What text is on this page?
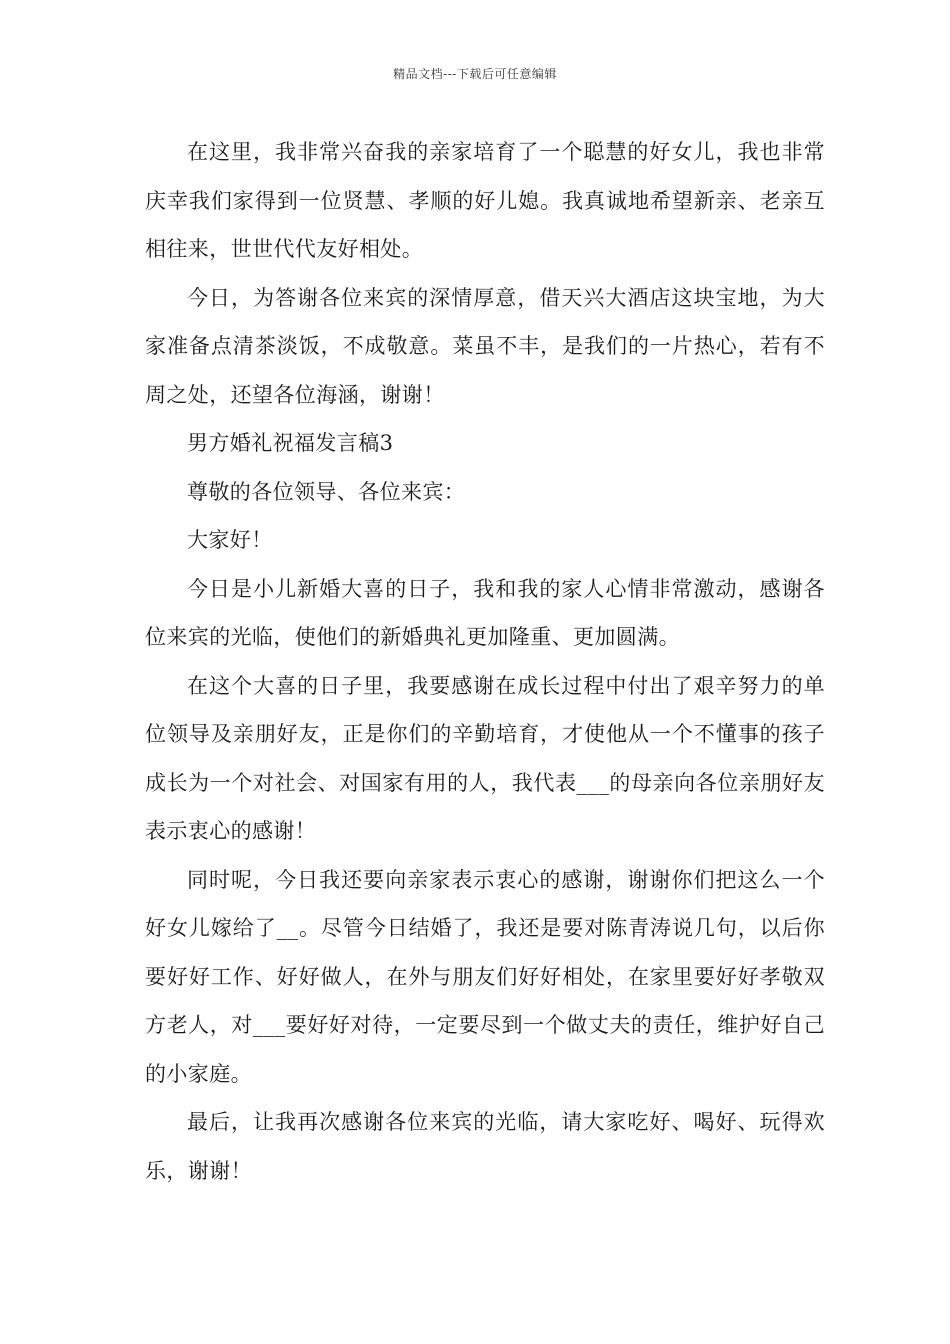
精品文档---下载后可任意编辑

在这里，我非常兴奋我的亲家培育了一个聪慧的好女儿，我也非常庆幸我们家得到一位贤慧、孝顺的好儿媳。我真诚地希望新亲、老亲互相往来，世世代代友好相处。

今日，为答谢各位来宾的深情厚意，借天兴大酒店这块宝地，为大家准备点清茶淡饭，不成敬意。菜虽不丰，是我们的一片热心，若有不周之处，还望各位海涵，谢谢！

男方婚礼祝福发言稿3

尊敬的各位领导、各位来宾：

大家好！

今日是小儿新婚大喜的日子，我和我的家人心情非常激动，感谢各位来宾的光临，使他们的新婚典礼更加隆重、更加圆满。

在这个大喜的日子里，我要感谢在成长过程中付出了艰辛努力的单位领导及亲朋好友，正是你们的辛勤培育，才使他从一个不懂事的孩子成长为一个对社会、对国家有用的人，我代表___的母亲向各位亲朋好友表示衷心的感谢！

同时呢，今日我还要向亲家表示衷心的感谢，谢谢你们把这么一个好女儿嫁给了__。尽管今日结婚了，我还是要对陈青涛说几句，以后你要好好工作、好好做人，在外与朋友们好好相处，在家里要好好孝敬双方老人，对___要好好对待，一定要尽到一个做丈夫的责任，维护好自己的小家庭。

最后，让我再次感谢各位来宾的光临，请大家吃好、喝好、玩得欢乐，谢谢！
